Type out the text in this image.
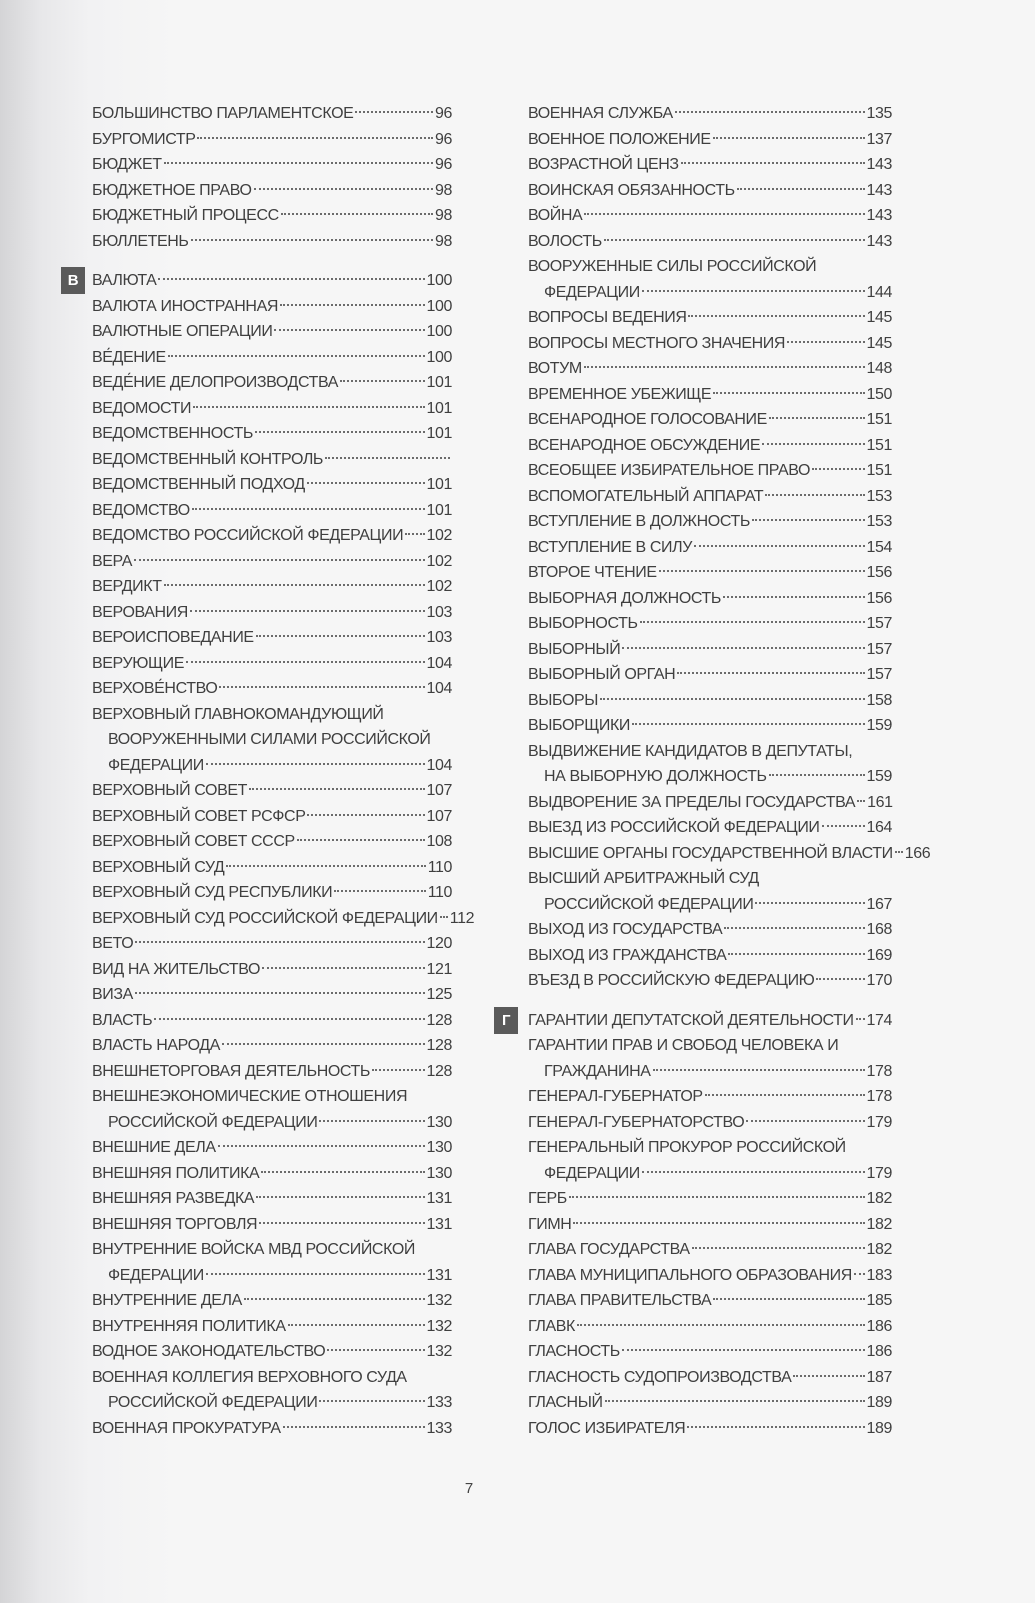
БОЛЬШИНСТВО ПАРЛАМЕНТСКОЕ	96
БУРГОМИСТР	96
БЮДЖЕТ	96
БЮДЖЕТНОЕ ПРАВО	98
БЮДЖЕТНЫЙ ПРОЦЕСС	98
БЮЛЛЕТЕНЬ	98
В ВАЛЮТА	100
ВАЛЮТА ИНОСТРАННАЯ	100
ВАЛЮТНЫЕ ОПЕРАЦИИ	100
ВЕ́ДЕНИЕ	100
ВЕДЕ́НИЕ ДЕЛОПРОИЗВОДСТВА	101
ВЕДОМОСТИ	101
ВЕДОМСТВЕННОСТЬ	101
ВЕДОМСТВЕННЫЙ КОНТРОЛЬ
ВЕДОМСТВЕННЫЙ ПОДХОД	101
ВЕДОМСТВО	101
ВЕДОМСТВО РОССИЙСКОЙ ФЕДЕРАЦИИ 102
ВЕРА	102
ВЕРДИКТ	102
ВЕРОВАНИЯ	103
ВЕРОИСПОВЕДАНИЕ	103
ВЕРУЮЩИЕ	104
ВЕРХОВЕ́НСТВО	104
ВЕРХОВНЫЙ ГЛАВНОКОМАНДУЮЩИЙ
ВООРУЖЕННЫМИ СИЛАМИ РОССИЙСКОЙ
ФЕДЕРАЦИИ	104
ВЕРХОВНЫЙ СОВЕТ	107
ВЕРХОВНЫЙ СОВЕТ РСФСР	107
ВЕРХОВНЫЙ СОВЕТ СССР	108
ВЕРХОВНЫЙ СУД	110
ВЕРХОВНЫЙ СУД РЕСПУБЛИКИ	110
ВЕРХОВНЫЙ СУД РОССИЙСКОЙ ФЕДЕРАЦИИ 112
ВЕТО	120
ВИД НА ЖИТЕЛЬСТВО	121
ВИЗА	125
ВЛАСТЬ	128
ВЛАСТЬ НАРОДА	128
ВНЕШНЕТОРГОВАЯ ДЕЯТЕЛЬНОСТЬ	128
ВНЕШНЕЭКОНОМИЧЕСКИЕ ОТНОШЕНИЯ
РОССИЙСКОЙ ФЕДЕРАЦИИ	130
ВНЕШНИЕ ДЕЛА	130
ВНЕШНЯЯ ПОЛИТИКА	130
ВНЕШНЯЯ РАЗВЕДКА	131
ВНЕШНЯЯ ТОРГОВЛЯ	131
ВНУТРЕННИЕ ВОЙСКА МВД РОССИЙСКОЙ
ФЕДЕРАЦИИ	131
ВНУТРЕННИЕ ДЕЛА	132
ВНУТРЕННЯЯ ПОЛИТИКА	132
ВОДНОЕ ЗАКОНОДАТЕЛЬСТВО	132
ВОЕННАЯ КОЛЛЕГИЯ ВЕРХОВНОГО СУДА
РОССИЙСКОЙ ФЕДЕРАЦИИ	133
ВОЕННАЯ ПРОКУРАТУРА	133
ВОЕННАЯ СЛУЖБА	135
ВОЕННОЕ ПОЛОЖЕНИЕ	137
ВОЗРАСТНОЙ ЦЕНЗ	143
ВОИНСКАЯ ОБЯЗАННОСТЬ	143
ВОЙНА	143
ВОЛОСТЬ	143
ВООРУЖЕННЫЕ СИЛЫ РОССИЙСКОЙ
ФЕДЕРАЦИИ	144
ВОПРОСЫ ВЕДЕНИЯ	145
ВОПРОСЫ МЕСТНОГО ЗНАЧЕНИЯ	145
ВОТУМ	148
ВРЕМЕННОЕ УБЕЖИЩЕ	150
ВСЕНАРОДНОЕ ГОЛОСОВАНИЕ	151
ВСЕНАРОДНОЕ ОБСУЖДЕНИЕ	151
ВСЕОБЩЕЕ ИЗБИРАТЕЛЬНОЕ ПРАВО	151
ВСПОМОГАТЕЛЬНЫЙ АППАРАТ	153
ВСТУПЛЕНИЕ В ДОЛЖНОСТЬ	153
ВСТУПЛЕНИЕ В СИЛУ	154
ВТОРОЕ ЧТЕНИЕ	156
ВЫБОРНАЯ ДОЛЖНОСТЬ	156
ВЫБОРНОСТЬ	157
ВЫБОРНЫЙ	157
ВЫБОРНЫЙ ОРГАН	157
ВЫБОРЫ	158
ВЫБОРЩИКИ	159
ВЫДВИЖЕНИЕ КАНДИДАТОВ В ДЕПУТАТЫ,
НА ВЫБОРНУЮ ДОЛЖНОСТЬ	159
ВЫДВОРЕНИЕ ЗА ПРЕДЕЛЫ ГОСУДАРСТВА 161
ВЫЕЗД ИЗ РОССИЙСКОЙ ФЕДЕРАЦИИ	164
ВЫСШИЕ ОРГАНЫ ГОСУДАРСТВЕННОЙ ВЛАСТИ 166
ВЫСШИЙ АРБИТРАЖНЫЙ СУД
РОССИЙСКОЙ ФЕДЕРАЦИИ	167
ВЫХОД ИЗ ГОСУДАРСТВА	168
ВЫХОД ИЗ ГРАЖДАНСТВА	169
ВЪЕЗД В РОССИЙСКУЮ ФЕДЕРАЦИЮ	170
Г	ГАРАНТИИ ДЕПУТАТСКОЙ ДЕЯТЕЛЬНОСТИ 174
ГАРАНТИИ ПРАВ И СВОБОД ЧЕЛОВЕКА И
ГРАЖДАНИНА	178
ГЕНЕРАЛ-ГУБЕРНАТОР	178
ГЕНЕРАЛ-ГУБЕРНАТОРСТВО	179
ГЕНЕРАЛЬНЫЙ ПРОКУРОР РОССИЙСКОЙ
ФЕДЕРАЦИИ	179
ГЕРБ	182
ГИМН	182
ГЛАВА ГОСУДАРСТВА	182
ГЛАВА МУНИЦИПАЛЬНОГО ОБРАЗОВАНИЯ 183
ГЛАВА ПРАВИТЕЛЬСТВА	185
ГЛАВК	186
ГЛАСНОСТЬ	186
ГЛАСНОСТЬ СУДОПРОИЗВОДСТВА	187
ГЛАСНЫЙ	189
ГОЛОС ИЗБИРАТЕЛЯ	189
7
